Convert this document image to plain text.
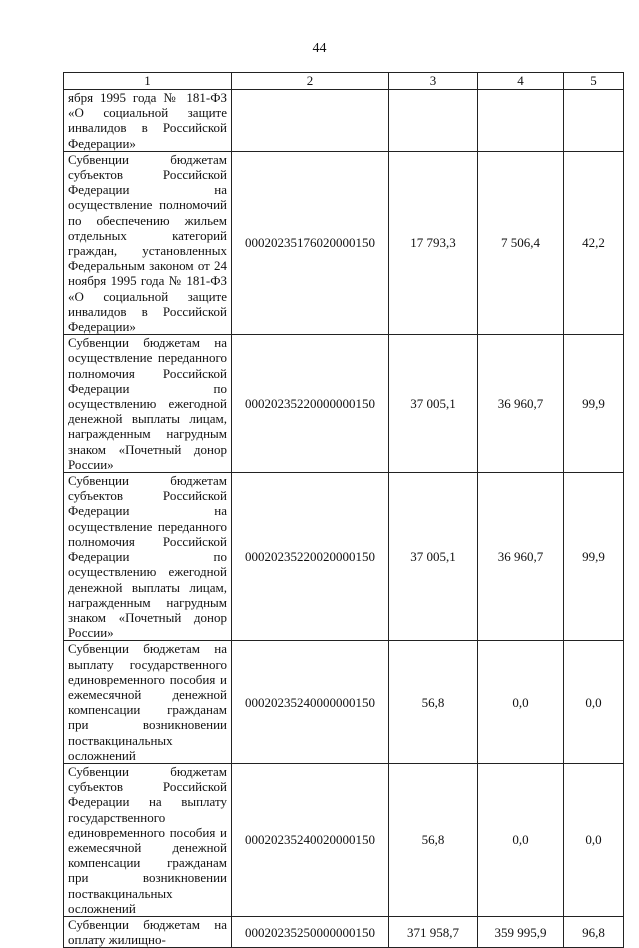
44
1	2	3	4	5
ября 1995 года № 181-ФЗ «О социальной защите инвалидов в Российской Федерации»				
Субвенции бюджетам субъектов Российской Федерации на осуществление полномочий по обеспечению жильем отдельных категорий граждан, установленных Федеральным законом от 24 ноября 1995 года № 181-ФЗ «О социальной защите инвалидов в Российской Федерации»	00020235176020000150	17 793,3	7 506,4	42,2
Субвенции бюджетам на осуществление переданного полномочия Российской Федерации по осуществлению ежегодной денежной выплаты лицам, награжденным нагрудным знаком «Почетный донор России»	00020235220000000150	37 005,1	36 960,7	99,9
Субвенции бюджетам субъектов Российской Федерации на осуществление переданного полномочия Российской Федерации по осуществлению ежегодной денежной выплаты лицам, награжденным нагрудным знаком «Почетный донор России»	00020235220020000150	37 005,1	36 960,7	99,9
Субвенции бюджетам на выплату государственного единовременного пособия и ежемесячной денежной компенсации гражданам при возникновении поствакцинальных осложнений	00020235240000000150	56,8	0,0	0,0
Субвенции бюджетам субъектов Российской Федерации на выплату государственного единовременного пособия и ежемесячной денежной компенсации гражданам при возникновении поствакцинальных осложнений	00020235240020000150	56,8	0,0	0,0
Субвенции бюджетам на оплату жилищно-	00020235250000000150	371 958,7	359 995,9	96,8
